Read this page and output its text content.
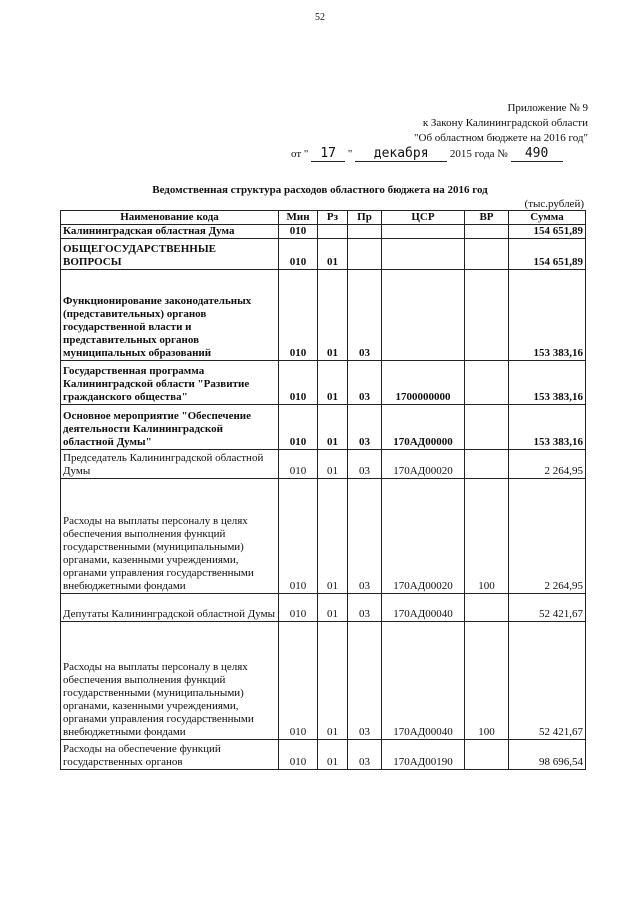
52
Приложение № 9
к Закону Калининградской области
"Об областном бюджете на 2016 год"
от " 17 " декабря 2015 года № 490
Ведомственная структура расходов областного бюджета на 2016 год
(тыс.рублей)
Наименование кода	Мин	Рз	Пр	ЦСР	ВР	Сумма
Калининградская областная Дума	010					154 651,89
ОБЩЕГОСУДАРСТВЕННЫЕ ВОПРОСЫ	010	01				154 651,89
Функционирование законодательных (представительных) органов государственной власти и представительных органов муниципальных образований	010	01	03			153 383,16
Государственная программа Калининградской области "Развитие гражданского общества"	010	01	03	1700000000		153 383,16
Основное мероприятие "Обеспечение деятельности Калининградской областной Думы"	010	01	03	170АД00000		153 383,16
Председатель Калининградской областной Думы	010	01	03	170АД00020		2 264,95
Расходы на выплаты персоналу в целях обеспечения выполнения функций государственными (муниципальными) органами, казенными учреждениями, органами управления государственными внебюджетными фондами	010	01	03	170АД00020	100	2 264,95
Депутаты Калининградской областной Думы	010	01	03	170АД00040		52 421,67
Расходы на выплаты персоналу в целях обеспечения выполнения функций государственными (муниципальными) органами, казенными учреждениями, органами управления государственными внебюджетными фондами	010	01	03	170АД00040	100	52 421,67
Расходы на обеспечение функций государственных органов	010	01	03	170АД00190		98 696,54
